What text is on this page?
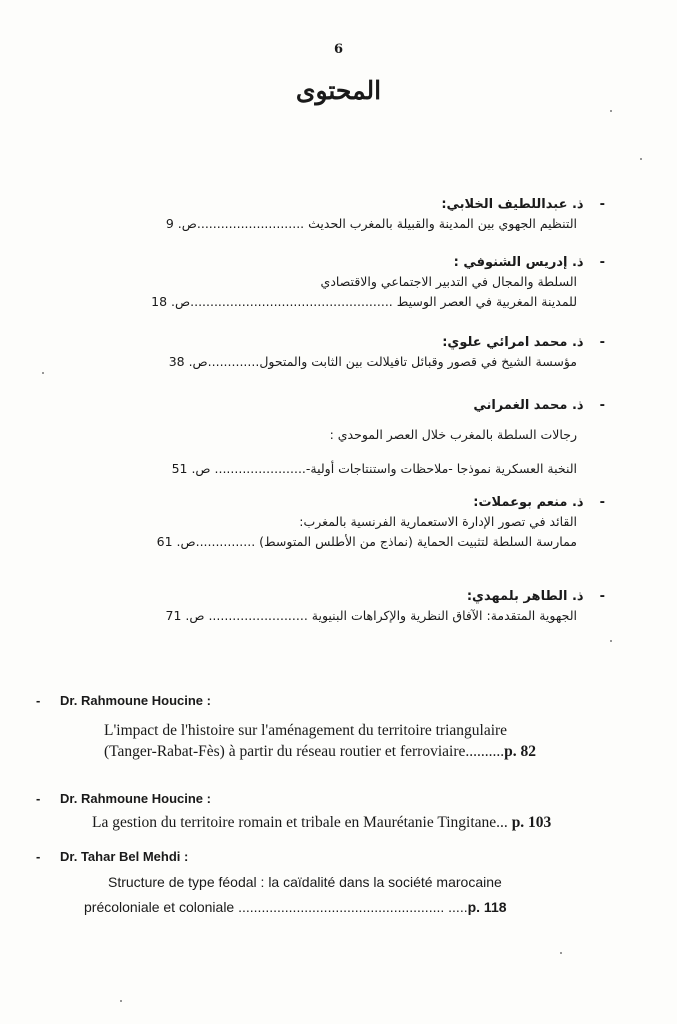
6
المحتوى
-ذ. عبداللطيف الخلابي:
التنظيم الجهوي بين المدينة والقبيلة بالمغرب الحديث ...........................ص. 9
-ذ. إدريس الشنوفي :
السلطة والمجال في التدبير الاجتماعي والاقتصادي
للمدينة المغربية في العصر الوسيط ...................................................ص. 18
-ذ. محمد امرائي علوي:
مؤسسة الشيخ في قصور وقبائل تافيلالت بين الثابت والمتحول.............ص. 38
-ذ. محمد الغمراني
رجالات السلطة بالمغرب خلال العصر الموحدي :
النخبة العسكرية نموذجا -ملاحظات واستنتاجات أولية-....................... ص. 51
-ذ. منعم بوعملات:
القائد في تصور الإدارة الاستعمارية الفرنسية بالمغرب:
ممارسة السلطة لتثبيت الحماية (نماذج من الأطلس المتوسط) ...............ص. 61
-ذ. الطاهر بلمهدي:
الجهوية المتقدمة: الآفاق النظرية والإكراهات البنيوية ......................... ص. 71
- Dr. Rahmoune Houcine :
L'impact de l'histoire sur l'aménagement du territoire triangulaire
(Tanger-Rabat-Fès) à partir du réseau routier et ferroviaire..........p. 82
- Dr. Rahmoune Houcine :
La gestion du territoire romain et tribale en Maurétanie Tingitane... p. 103
- Dr. Tahar Bel Mehdi :
Structure de type féodal : la caïdalité dans la société marocaine
précoloniale et coloniale ..................................................... .....p. 118
